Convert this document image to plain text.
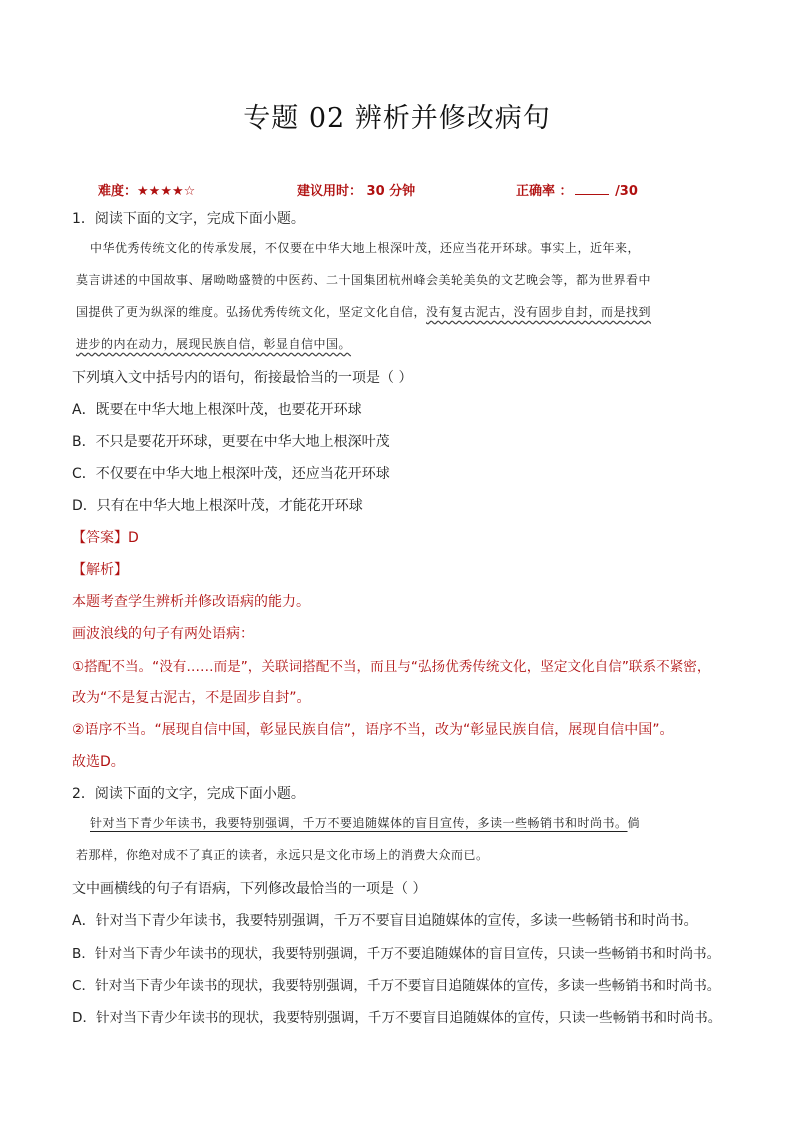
专题 02 辨析并修改病句
难度：★★★★☆	建议用时： 30 分钟	正确率 ：	/30
1．阅读下面的文字，完成下面小题。
中华优秀传统文化的传承发展，不仅要在中华大地上根深叶茂，还应当花开环球。事实上，近年来，
莫言讲述的中国故事、屠呦呦盛赞的中医药、二十国集团杭州峰会美轮美奂的文艺晚会等，都为世界看中
国提供了更为纵深的维度。弘扬优秀传统文化，坚定文化自信，没有复古泥古，没有固步自封，而是找到
进步的内在动力，展现民族自信，彰显自信中国。
下列填入文中括号内的语句，衔接最恰当的一项是（ ）
A．既要在中华大地上根深叶茂，也要花开环球
B．不只是要花开环球，更要在中华大地上根深叶茂
C．不仅要在中华大地上根深叶茂，还应当花开环球
D．只有在中华大地上根深叶茂，才能花开环球
【答案】D
【解析】
本题考查学生辨析并修改语病的能力。
画波浪线的句子有两处语病：
①搭配不当。“没有……而是”，关联词搭配不当，而且与“弘扬优秀传统文化，坚定文化自信”联系不紧密，
改为“不是复古泥古，不是固步自封”。
②语序不当。“展现自信中国，彰显民族自信”，语序不当，改为“彰显民族自信，展现自信中国”。
故选D。
2．阅读下面的文字，完成下面小题。
针对当下青少年读书，我要特别强调，千万不要追随媒体的盲目宣传，多读一些畅销书和时尚书。倘
若那样，你绝对成不了真正的读者，永远只是文化市场上的消费大众而已。
文中画横线的句子有语病，下列修改最恰当的一项是（ ）
A．针对当下青少年读书，我要特别强调，千万不要盲目追随媒体的宣传，多读一些畅销书和时尚书。
B．针对当下青少年读书的现状，我要特别强调，千万不要追随媒体的盲目宣传，只读一些畅销书和时尚书。
C．针对当下青少年读书的现状，我要特别强调，千万不要盲目追随媒体的宣传，多读一些畅销书和时尚书。
D．针对当下青少年读书的现状，我要特别强调，千万不要盲目追随媒体的宣传，只读一些畅销书和时尚书。
